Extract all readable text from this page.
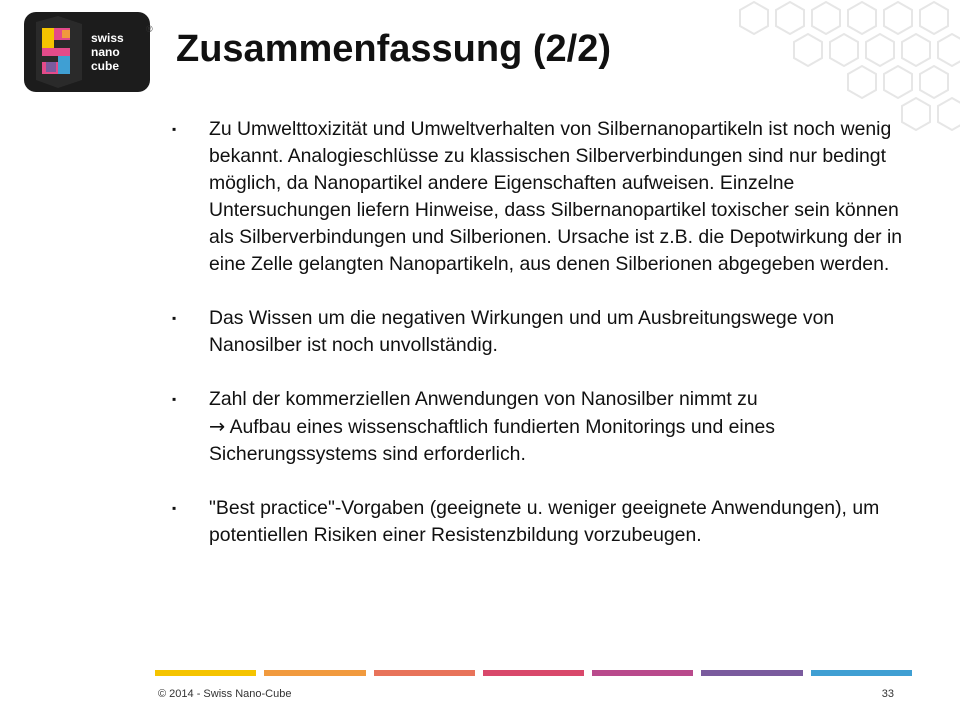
swiss
nano
cube
® Zusammenfassung (2/2)
▪ Zu Umwelttoxizität und Umweltverhalten von Silbernanopartikeln ist noch wenig bekannt. Analogieschlüsse zu klassischen Silberverbindungen sind nur bedingt möglich, da Nanopartikel andere Eigenschaften aufweisen. Einzelne Untersuchungen liefern Hinweise, dass Silbernanopartikel toxischer sein können als Silberverbindungen und Silberionen. Ursache ist z.B. die Depotwirkung der in eine Zelle gelangten Nanopartikeln, aus denen Silberionen abgegeben werden.
▪ Das Wissen um die negativen Wirkungen und um Ausbreitungswege von Nanosilber ist noch unvollständig.
▪ Zahl der kommerziellen Anwendungen von Nanosilber nimmt zu
→ Aufbau eines wissenschaftlich fundierten Monitorings und eines Sicherungssystems sind erforderlich.
▪ "Best practice"-Vorgaben (geeignete u. weniger geeignete Anwendungen), um potentiellen Risiken einer Resistenzbildung vorzubeugen.
© 2014 - Swiss Nano-Cube	33
